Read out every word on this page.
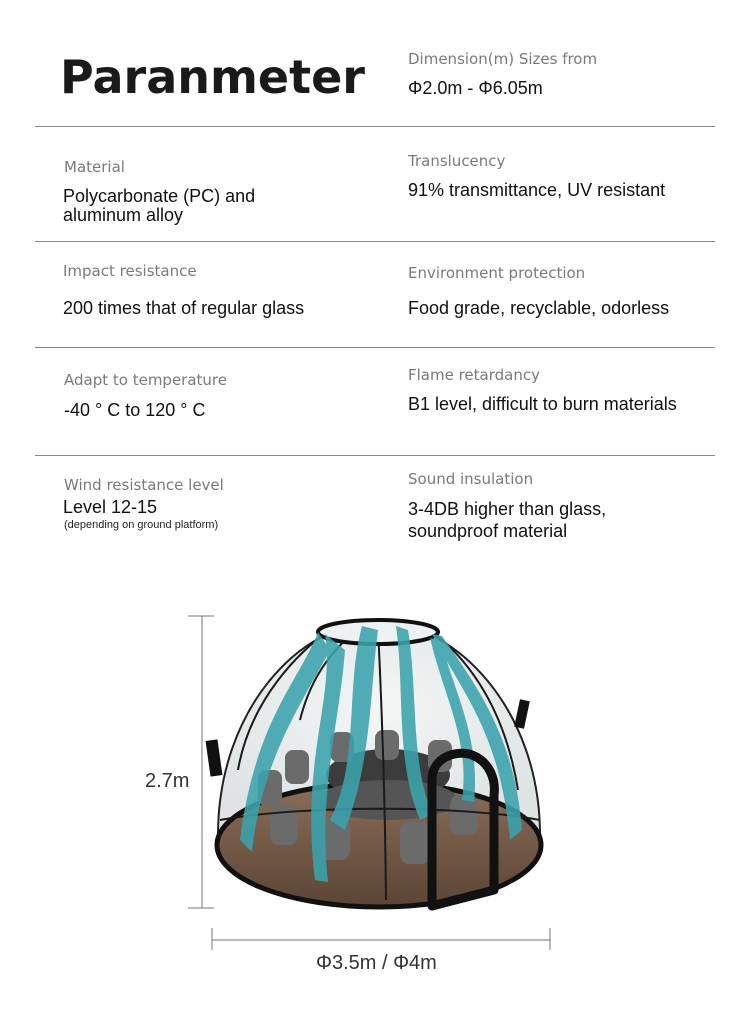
Paranmeter	Dimension(m) Sizes from
Φ2.0m - Φ6.05m
Material
Polycarbonate (PC) and
aluminum alloy
Translucency
91% transmittance, UV resistant
Impact resistance
200 times that of regular glass
Environment protection
Food grade, recyclable, odorless
Adapt to temperature
-40 ° C to 120 ° C
Flame retardancy
B1 level, difficult to burn materials
Wind resistance level
Level 12-15
(depending on ground platform)
Sound insulation
3-4DB higher than glass,
soundproof material
2.7m
Φ3.5m / Φ4m
